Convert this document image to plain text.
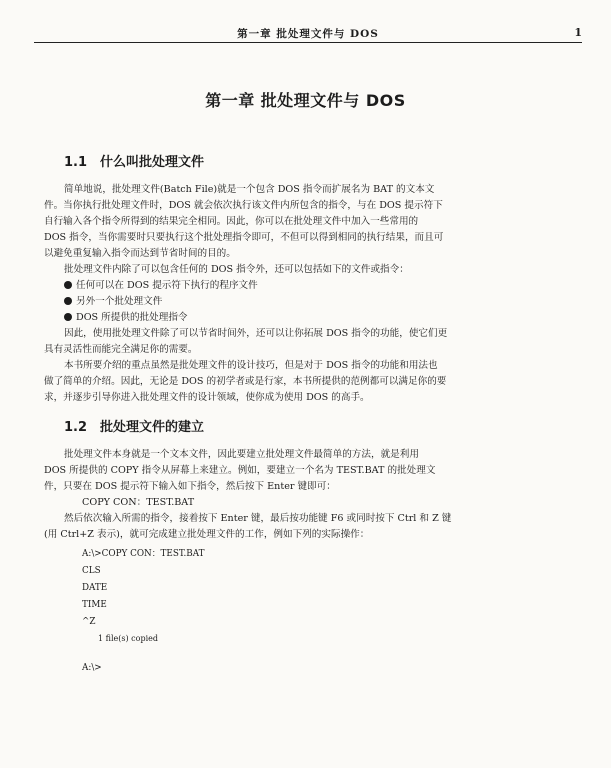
第一章 批处理文件与 DOS	1
第一章 批处理文件与 DOS
1.1 什么叫批处理文件
简单地说，批处理文件(Batch File)就是一个包含 DOS 指令而扩展名为 BAT 的文本文
件。当你执行批处理文件时，DOS 就会依次执行该文件内所包含的指令，与在 DOS 提示符下
自行输入各个指令所得到的结果完全相同。因此，你可以在批处理文件中加入一些常用的
DOS 指令，当你需要时只要执行这个批处理指令即可，不但可以得到相同的执行结果，而且可
以避免重复输入指令而达到节省时间的目的。
批处理文件内除了可以包含任何的 DOS 指令外，还可以包括如下的文件或指令：
任何可以在 DOS 提示符下执行的程序文件
另外一个批处理文件
DOS 所提供的批处理指令
因此，使用批处理文件除了可以节省时间外，还可以让你拓展 DOS 指令的功能，使它们更
具有灵活性而能完全满足你的需要。
本书所要介绍的重点虽然是批处理文件的设计技巧，但是对于 DOS 指令的功能和用法也
做了简单的介绍。因此，无论是 DOS 的初学者或是行家，本书所提供的范例都可以满足你的要
求，并逐步引导你进入批处理文件的设计领域，使你成为使用 DOS 的高手。
1.2 批处理文件的建立
批处理文件本身就是一个文本文件，因此要建立批处理文件最简单的方法，就是利用
DOS 所提供的 COPY 指令从屏幕上来建立。例如，要建立一个名为 TEST.BAT 的批处理文
件，只要在 DOS 提示符下输入如下指令，然后按下 Enter 键即可：
COPY CON：TEST.BAT
然后依次输入所需的指令，接着按下 Enter 键，最后按功能键 F6 或同时按下 Ctrl 和 Z 键
(用 Ctrl+Z 表示)，就可完成建立批处理文件的工作，例如下列的实际操作：
A:\>COPY CON：TEST.BAT
CLS
DATE
TIME
^Z
1 file(s) copied
A:\>
